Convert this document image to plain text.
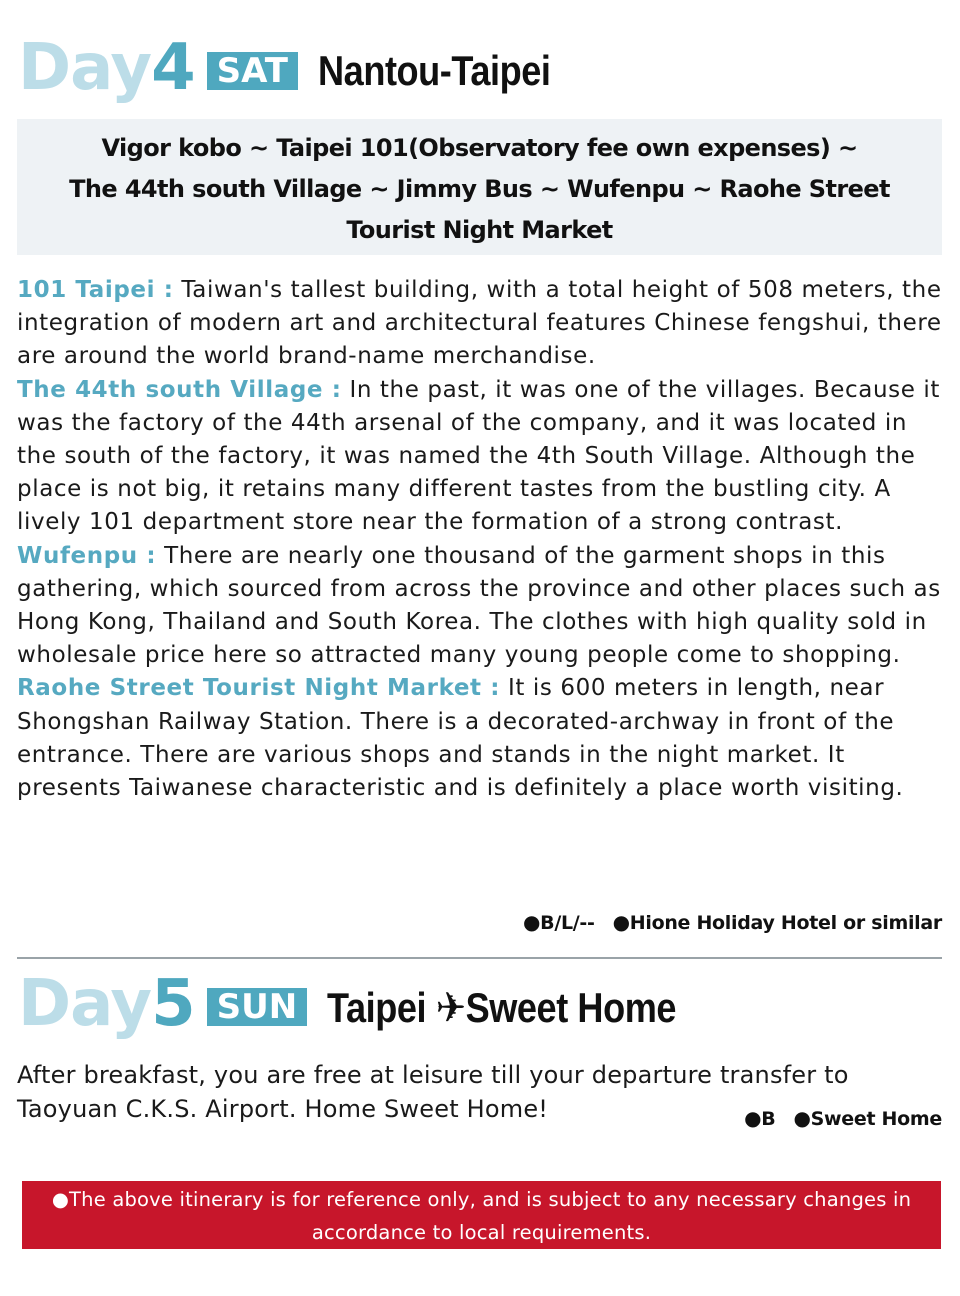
Day4 SAT Nantou-Taipei
Vigor kobo ~ Taipei 101(Observatory fee own expenses) ~
The 44th south Village ~ Jimmy Bus ~ Wufenpu ~ Raohe Street
Tourist Night Market

101 Taipei : Taiwan's tallest building, with a total height of 508 meters, the integration of modern art and architectural features Chinese fengshui, there are around the world brand-name merchandise.

The 44th south Village : In the past, it was one of the villages. Because it was the factory of the 44th arsenal of the company, and it was located in the south of the factory, it was named the 4th South Village. Although the place is not big, it retains many different tastes from the bustling city. A lively 101 department store near the formation of a strong contrast.

Wufenpu : There are nearly one thousand of the garment shops in this gathering, which sourced from across the province and other places such as Hong Kong, Thailand and South Korea. The clothes with high quality sold in wholesale price here so attracted many young people come to shopping.

Raohe Street Tourist Night Market : It is 600 meters in length, near Shongshan Railway Station. There is a decorated-archway in front of the entrance. There are various shops and stands in the night market. It presents Taiwanese characteristic and is definitely a place worth visiting.

●B/L/-- ●Hione Holiday Hotel or similar
Day5 SUN Taipei ✈Sweet Home

After breakfast, you are free at leisure till your departure transfer to Taoyuan C.K.S. Airport. Home Sweet Home!	●B ●Sweet Home
●The above itinerary is for reference only, and is subject to any necessary changes in accordance to local requirements.
